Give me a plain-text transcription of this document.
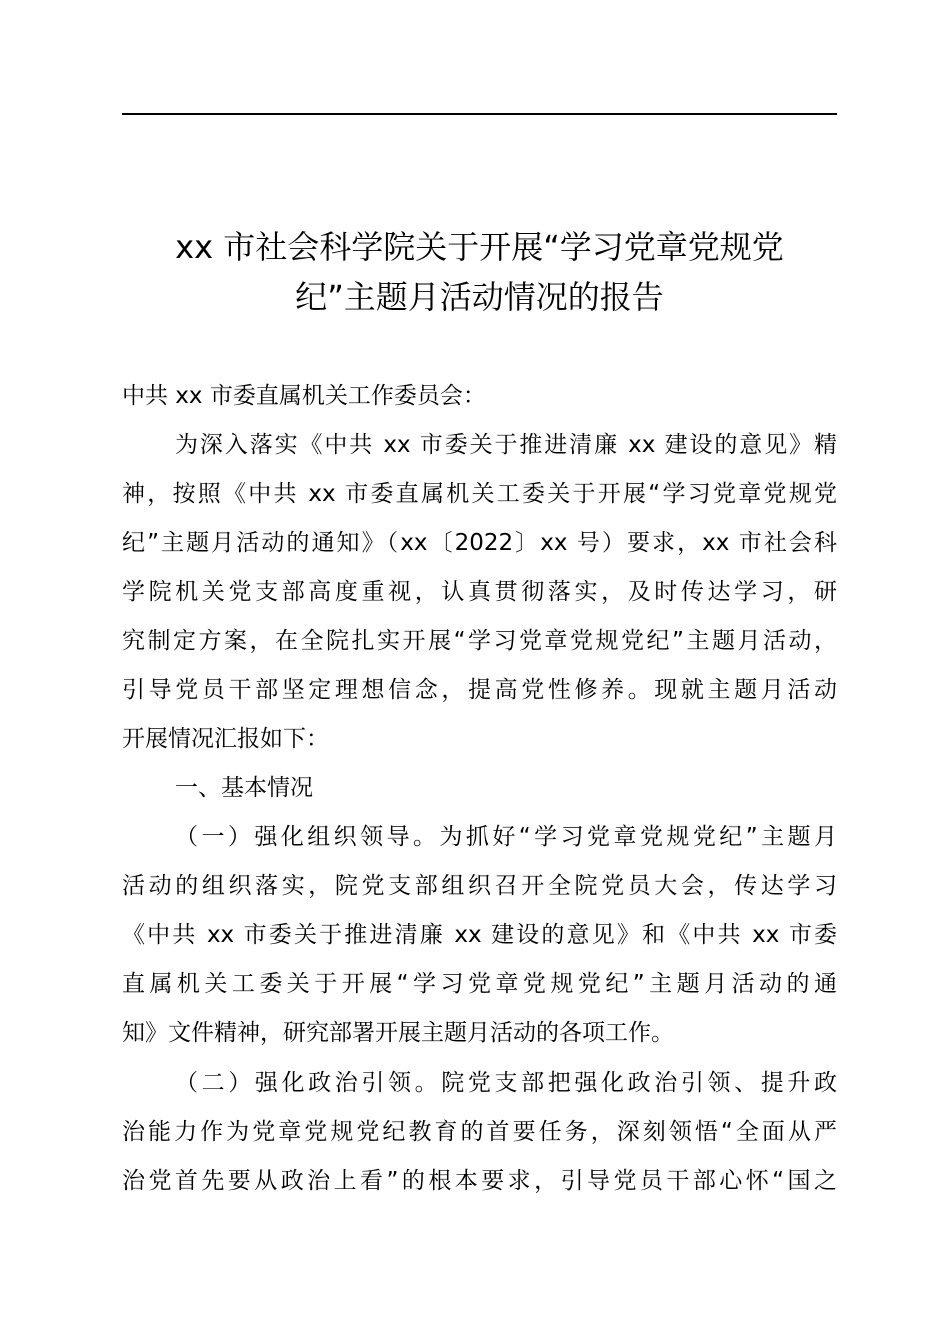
xx 市社会科学院关于开展“学习党章党规党
纪”主题月活动情况的报告
中共 xx 市委直属机关工作委员会：
为深入落实《中共 xx 市委关于推进清廉 xx 建设的意见》精
神，按照《中共 xx 市委直属机关工委关于开展“学习党章党规党
纪”主题月活动的通知》（xx〔2022〕xx 号）要求，xx 市社会科
学院机关党支部高度重视，认真贯彻落实，及时传达学习，研
究制定方案，在全院扎实开展“学习党章党规党纪”主题月活动，
引导党员干部坚定理想信念，提高党性修养。现就主题月活动
开展情况汇报如下：
一、基本情况
（一）强化组织领导。为抓好“学习党章党规党纪”主题月
活动的组织落实，院党支部组织召开全院党员大会，传达学习
《中共 xx 市委关于推进清廉 xx 建设的意见》和《中共 xx 市委
直属机关工委关于开展“学习党章党规党纪”主题月活动的通
知》文件精神，研究部署开展主题月活动的各项工作。
（二）强化政治引领。院党支部把强化政治引领、提升政
治能力作为党章党规党纪教育的首要任务，深刻领悟“全面从严
治党首先要从政治上看”的根本要求，引导党员干部心怀“国之
